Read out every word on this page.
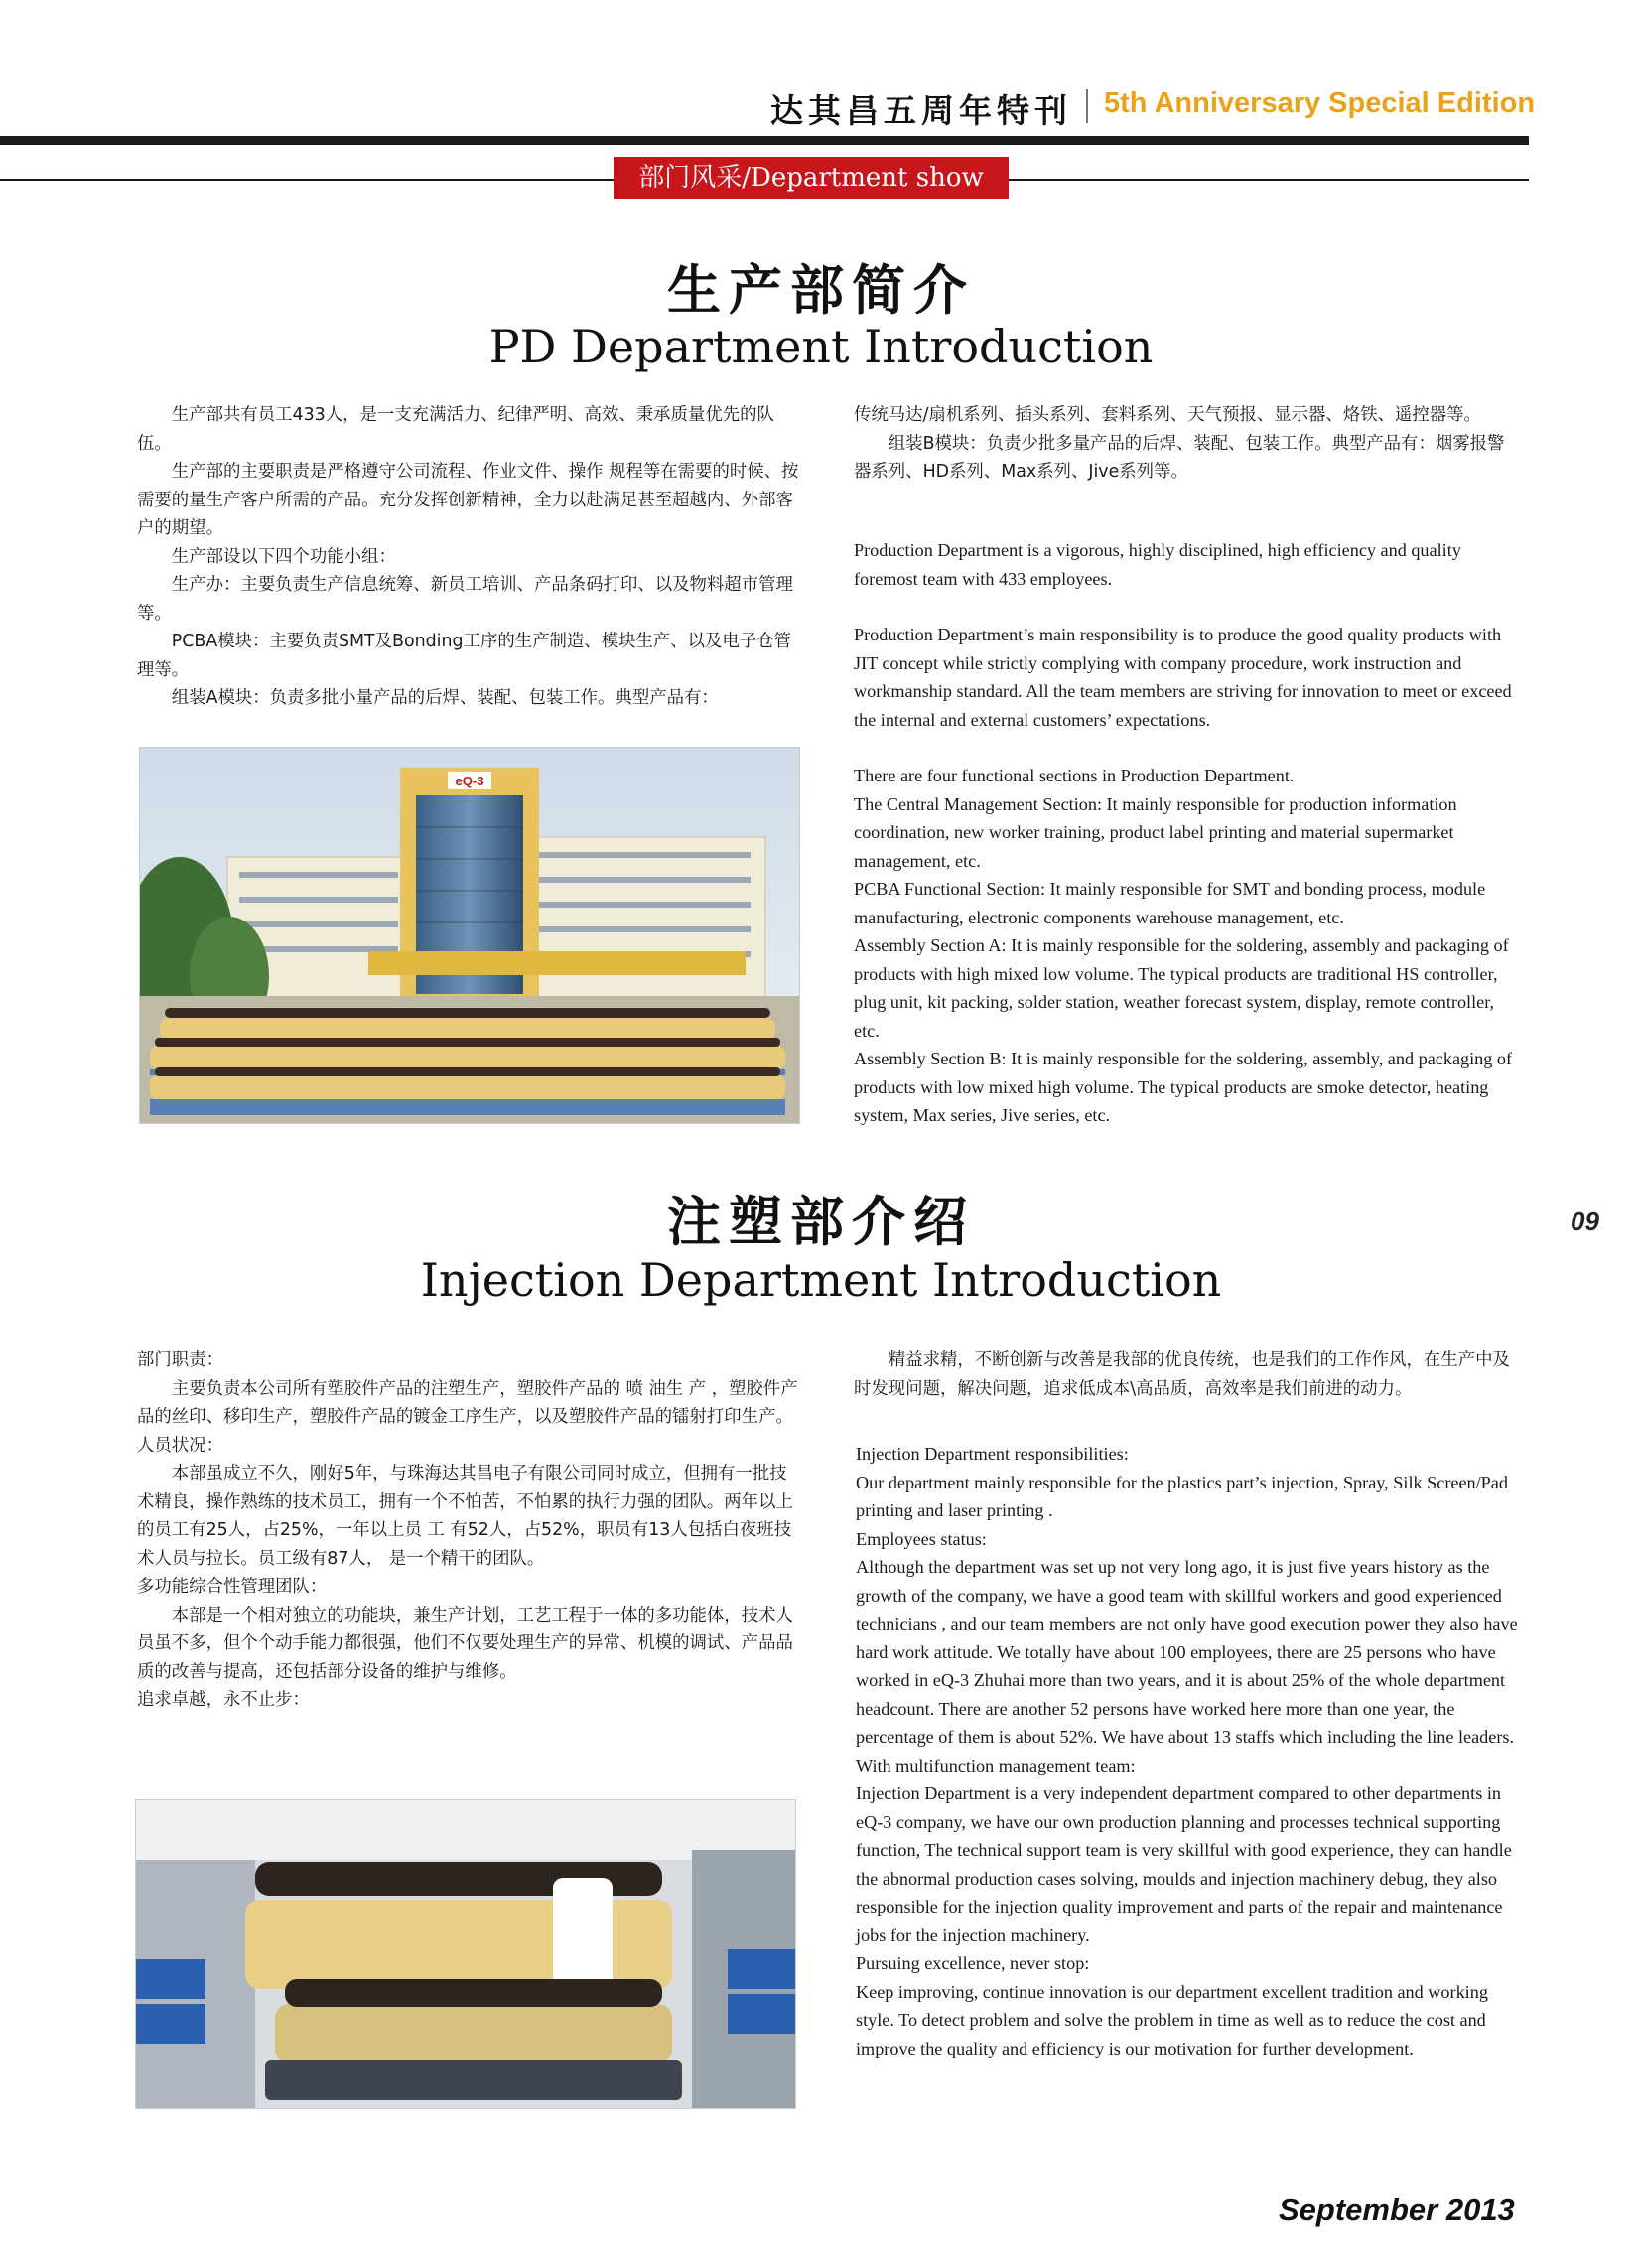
达其昌五周年特刊 5th Anniversary Special Edition
部门风采/Department show
生产部简介
PD Department Introduction

生产部共有员工433人，是一支充满活力、纪律严明、高效、秉承质量优先的队伍。

生产部的主要职责是严格遵守公司流程、作业文件、操作 规程等在需要的时候、按需要的量生产客户所需的产品。充分发挥创新精神，全力以赴满足甚至超越内、外部客户的期望。

生产部设以下四个功能小组：

生产办：主要负责生产信息统筹、新员工培训、产品条码打印、以及物料超市管理等。

PCBA模块：主要负责SMT及Bonding工序的生产制造、模块生产、以及电子仓管理等。

组装A模块：负责多批小量产品的后焊、装配、包装工作。典型产品有：

传统马达/扇机系列、插头系列、套料系列、天气预报、显示器、烙铁、遥控器等。

组装B模块：负责少批多量产品的后焊、装配、包装工作。典型产品有：烟雾报警器系列、HD系列、Max系列、Jive系列等。

Production Department is a vigorous, highly disciplined, high efficiency and quality foremost team with 433 employees.

Production Department’s main responsibility is to produce the good quality products with JIT concept while strictly complying with company procedure, work instruction and workmanship standard. All the team members are striving for innovation to meet or exceed the internal and external customers’ expectations.

There are four functional sections in Production Department.

The Central Management Section: It mainly responsible for production information coordination, new worker training, product label printing and material supermarket management, etc.

PCBA Functional Section: It mainly responsible for SMT and bonding process, module manufacturing, electronic components warehouse management, etc.

Assembly Section A: It is mainly responsible for the soldering, assembly and packaging of products with high mixed low volume. The typical products are traditional HS controller, plug unit, kit packing, solder station, weather forecast system, display, remote controller, etc.

Assembly Section B: It is mainly responsible for the soldering, assembly, and packaging of products with low mixed high volume. The typical products are smoke detector, heating system, Max series, Jive series, etc.

eQ-3
注塑部介绍
Injection Department Introduction
09

部门职责：

主要负责本公司所有塑胶件产品的注塑生产，塑胶件产品的 喷 油生 产 ，塑胶件产品的丝印、移印生产，塑胶件产品的镀金工序生产，以及塑胶件产品的镭射打印生产。

人员状况：

本部虽成立不久，刚好5年，与珠海达其昌电子有限公司同时成立，但拥有一批技术精良，操作熟练的技术员工，拥有一个不怕苦，不怕累的执行力强的团队。两年以上的员工有25人，占25%，一年以上员 工 有52人，占52%，职员有13人包括白夜班技术人员与拉长。员工级有87人， 是一个精干的团队。

多功能综合性管理团队：

本部是一个相对独立的功能块，兼生产计划，工艺工程于一体的多功能体，技术人员虽不多，但个个动手能力都很强，他们不仅要处理生产的异常、机模的调试、产品品质的改善与提高，还包括部分设备的维护与维修。

追求卓越，永不止步：

精益求精，不断创新与改善是我部的优良传统，也是我们的工作作风，在生产中及时发现问题，解决问题，追求低成本\高品质，高效率是我们前进的动力。

Injection Department responsibilities:

Our department mainly responsible for the plastics part’s injection, Spray, Silk Screen/Pad printing and laser printing .

Employees status:

Although the department was set up not very long ago, it is just five years history as the growth of the company, we have a good team with skillful workers and good experienced technicians , and our team members are not only have good execution power they also have hard work attitude. We totally have about 100 employees, there are 25 persons who have worked in eQ-3 Zhuhai more than two years, and it is about 25% of the whole department headcount. There are another 52 persons have worked here more than one year, the percentage of them is about 52%. We have about 13 staffs which including the line leaders.

With multifunction management team:

Injection Department is a very independent department compared to other departments in eQ-3 company, we have our own production planning and processes technical supporting function, The technical support team is very skillful with good experience, they can handle the abnormal production cases solving, moulds and injection machinery debug, they also responsible for the injection quality improvement and parts of the repair and maintenance jobs for the injection machinery.

Pursuing excellence, never stop:

Keep improving, continue innovation is our department excellent tradition and working style. To detect problem and solve the problem in time as well as to reduce the cost and improve the quality and efficiency is our motivation for further development.

September 2013
